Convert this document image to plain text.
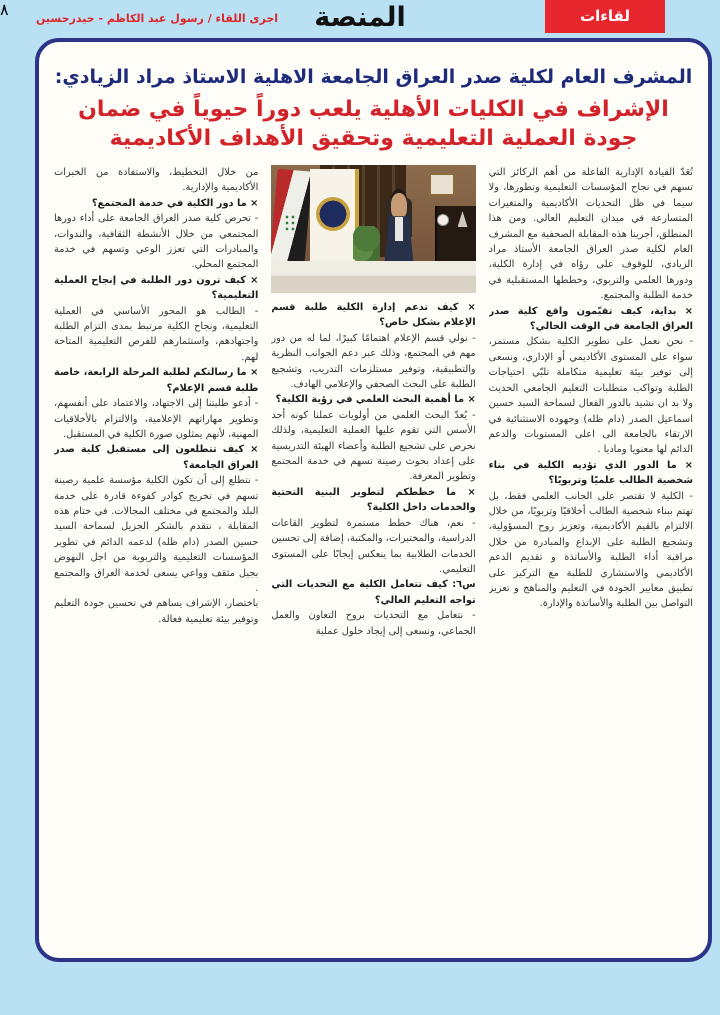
اجرى اللقاء / رسول عبد الكاظم - حيدرحسين	المنصة	لقاءات
المشرف العام لكلية صدر العراق الجامعة الاهلية الاستاذ مراد الزيادي:
الإشراف في الكليات الأهلية يلعب دوراً حيوياً في ضمان
جودة العملية التعليمية وتحقيق الأهداف الأكاديمية

تُعَدّ القيادة الإدارية الفاعلة من أهم الركائز التي تسهم في نجاح المؤسسات التعليمية وتطورها، ولا سيما في ظل التحديات الأكاديمية والمتغيرات المتسارعة في ميدان التعليم العالي. ومن هذا المنطلق، أجرينا هذه المقابلة الصحفية مع المشرف العام لكلية صدر العراق الجامعة الأستاذ مراد الزيادي، للوقوف على رؤاه في إدارة الكلية، ودورها العلمي والتربوي، وخططها المستقبلية في خدمة الطلبة والمجتمع.

× بداية، كيف تقيّمون واقع كلية صدر العراق الجامعة في الوقت الحالي؟

- نحن نعمل على تطوير الكلية بشكل مستمر، سواء على المستوى الأكاديمي أو الإداري، ونسعى إلى توفير بيئة تعليمية متكاملة تلبّي احتياجات الطلبة وتواكب متطلبات التعليم الجامعي الحديث ولا بد ان نشيد بالدور الفعال لسماحة السيد حسين اسماعيل الصدر (دام ظله) وجهوده الاستثنائية في الارتقاء بالجامعة الى اعلى المستويات والدعم الدائم لها معنويا وماديا .

× ما الدور الذي تؤديه الكلية في بناء شخصية الطالب علميًا وتربويًا؟

- الكلية لا تقتصر على الجانب العلمي فقط، بل تهتم ببناء شخصية الطالب أخلاقيًا وتربويًا، من خلال الالتزام بالقيم الأكاديمية، وتعزيز روح المسؤولية، وتشجيع الطلبة على الإبداع والمبادرة من خلال مراقبة أداء الطلبة والأساتذة و تقديم الدعم الأكاديمي والاستشاري للطلبة مع التركيز على تطبيق معايير الجودة في التعليم والمناهج و تعزيز التواصل بين الطلبة والأساتذة والإدارة.

× كيف تدعم إدارة الكلية طلبة قسم الإعلام بشكل خاص؟

- نولي قسم الإعلام اهتمامًا كبيرًا، لما له من دور مهم في المجتمع، وذلك عبر دعم الجوانب النظرية والتطبيقية، وتوفير مستلزمات التدريب، وتشجيع الطلبة على البحث الصحفي والإعلامي الهادف.

× ما أهمية البحث العلمي في رؤية الكلية؟

- يُعدّ البحث العلمي من أولويات عملنا كونه أحد الأسس التي تقوم عليها العملية التعليمية، ولذلك نحرص على تشجيع الطلبة وأعضاء الهيئة التدريسية على إعداد بحوث رصينة تسهم في خدمة المجتمع وتطوير المعرفة.

× ما خططكم لتطوير البنية التحتية والخدمات داخل الكلية؟

- نعم، هناك خطط مستمرة لتطوير القاعات الدراسية، والمختبرات، والمكتبة، إضافة إلى تحسين الخدمات الطلابية بما ينعكس إيجابًا على المستوى التعليمي.

س٦: كيف تتعامل الكلية مع التحديات التي تواجه التعليم العالي؟

- نتعامل مع التحديات بروح التعاون والعمل الجماعي، ونسعى إلى إيجاد حلول عملية

من خلال التخطيط، والاستفادة من الخبرات الأكاديمية والإدارية.

× ما دور الكلية في خدمة المجتمع؟

- تحرص كلية صدر العراق الجامعة على أداء دورها المجتمعي من خلال الأنشطة الثقافية، والندوات، والمبادرات التي تعزز الوعي وتسهم في خدمة المجتمع المحلي.

× كيف ترون دور الطلبة في إنجاح العملية التعليمية؟

- الطالب هو المحور الأساسي في العملية التعليمية، ونجاح الكلية مرتبط بمدى التزام الطلبة واجتهادهم، واستثمارهم للفرص التعليمية المتاحة لهم.

× ما رسالتكم لطلبة المرحلة الرابعة، خاصة طلبة قسم الإعلام؟

- أدعو طلبتنا إلى الاجتهاد، والاعتماد على أنفسهم، وتطوير مهاراتهم الإعلامية، والالتزام بالأخلاقيات المهنية، لأنهم يمثلون صورة الكلية في المستقبل.

× كيف تتطلعون إلى مستقبل كلية صدر العراق الجامعة؟

- نتطلع إلى أن تكون الكلية مؤسسة علمية رصينة تسهم في تخريج كوادر كفوءة قادرة على خدمة البلد والمجتمع في مختلف المجالات. في ختام هذه المقابلة ، نتقدم بالشكر الجزيل لسماحة السيد حسين الصدر (دام ظله) لدعمه الدائم في تطوير المؤسسات التعليمية والتربوية من اجل النهوض بجيل مثقف وواعي يسعى لخدمة العراق والمجتمع .

باختصار، الإشراف يساهم في تحسين جودة التعليم وتوفير بيئة تعليمية فعالة.

٨
